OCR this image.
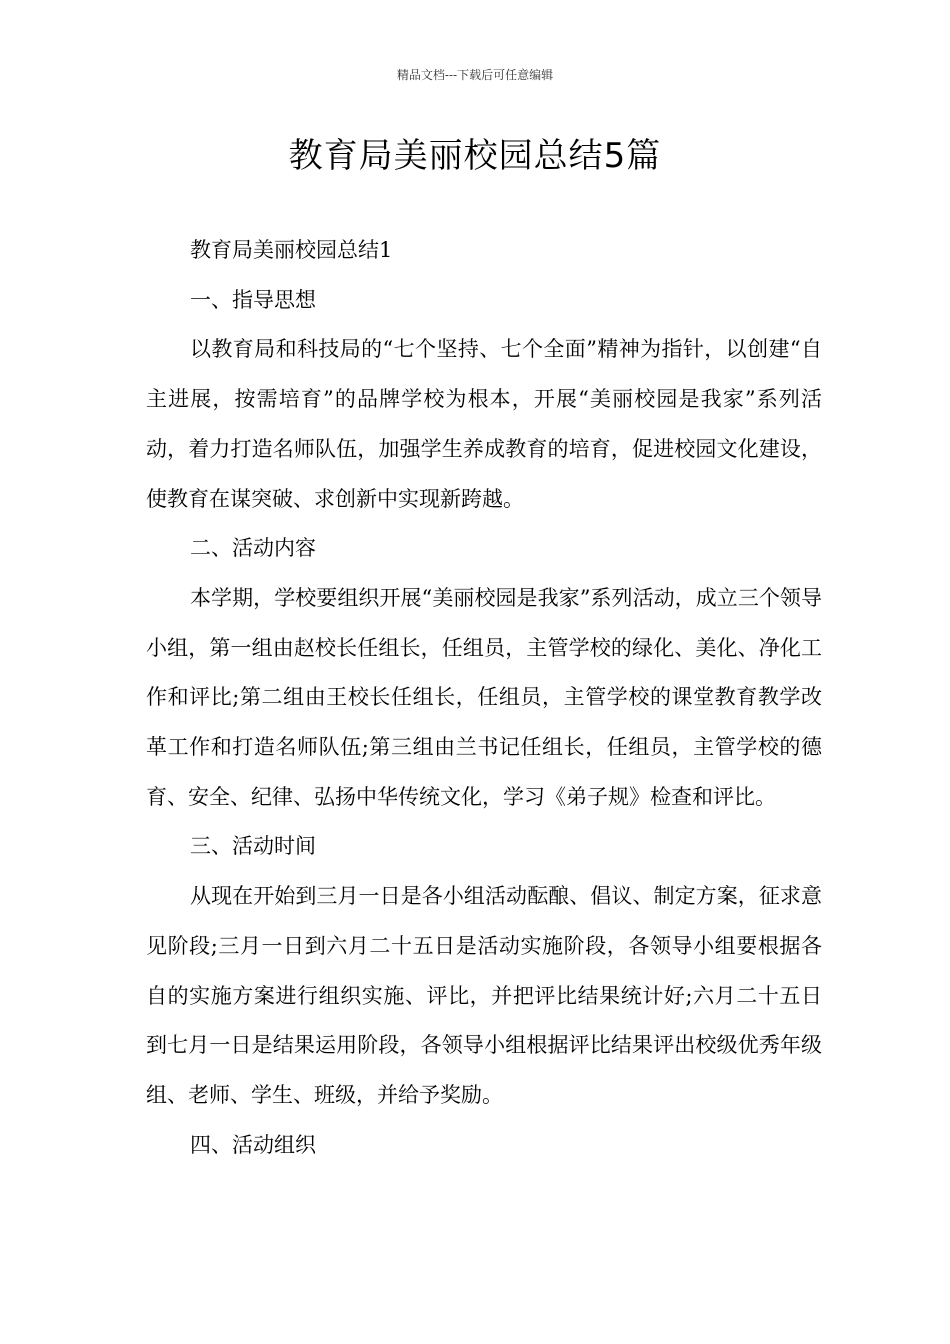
精品文档---下载后可任意编辑
教育局美丽校园总结5篇

教育局美丽校园总结1

一、指导思想

以教育局和科技局的“七个坚持、七个全面”精神为指针，以创建“自主进展，按需培育”的品牌学校为根本，开展“美丽校园是我家”系列活动，着力打造名师队伍，加强学生养成教育的培育，促进校园文化建设，使教育在谋突破、求创新中实现新跨越。

二、活动内容

本学期，学校要组织开展“美丽校园是我家”系列活动，成立三个领导小组，第一组由赵校长任组长，任组员，主管学校的绿化、美化、净化工作和评比;第二组由王校长任组长，任组员，主管学校的课堂教育教学改革工作和打造名师队伍;第三组由兰书记任组长，任组员，主管学校的德育、安全、纪律、弘扬中华传统文化，学习《弟子规》检查和评比。

三、活动时间

从现在开始到三月一日是各小组活动酝酿、倡议、制定方案，征求意见阶段;三月一日到六月二十五日是活动实施阶段，各领导小组要根据各自的实施方案进行组织实施、评比，并把评比结果统计好;六月二十五日到七月一日是结果运用阶段，各领导小组根据评比结果评出校级优秀年级组、老师、学生、班级，并给予奖励。

四、活动组织
